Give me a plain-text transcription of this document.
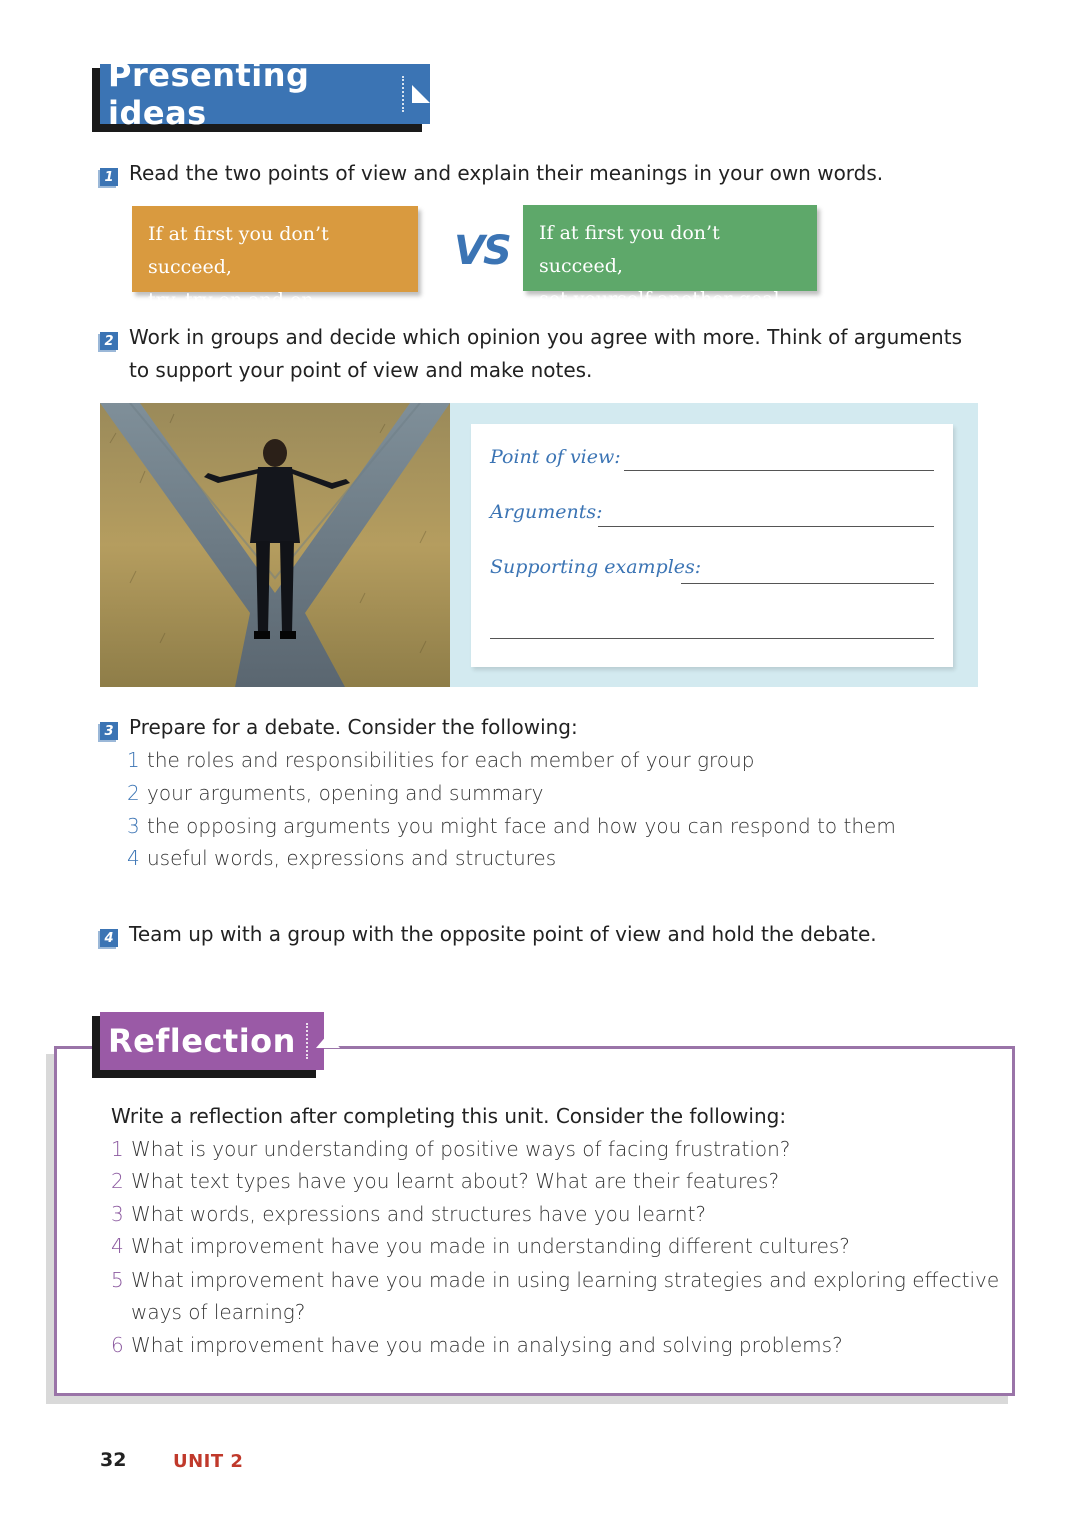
Presenting ideas
1 Read the two points of view and explain their meanings in your own words.
If at first you don’t succeed,
try, try on and on.
VS If at first you don’t succeed,
set yourself another goal.
2 Work in groups and decide which opinion you agree with more. Think of arguments
to support your point of view and make notes.
Point of view:
Arguments:
Supporting examples:
3 Prepare for a debate. Consider the following:
1 the roles and responsibilities for each member of your group
2 your arguments, opening and summary
3 the opposing arguments you might face and how you can respond to them
4 useful words, expressions and structures
4 Team up with a group with the opposite point of view and hold the debate.
Reflection
Write a reflection after completing this unit. Consider the following:
1 What is your understanding of positive ways of facing frustration?
2 What text types have you learnt about? What are their features?
3 What words, expressions and structures have you learnt?
4 What improvement have you made in understanding different cultures?
5 What improvement have you made in using learning strategies and exploring effective
ways of learning?
6 What improvement have you made in analysing and solving problems?
32	UNIT 2
